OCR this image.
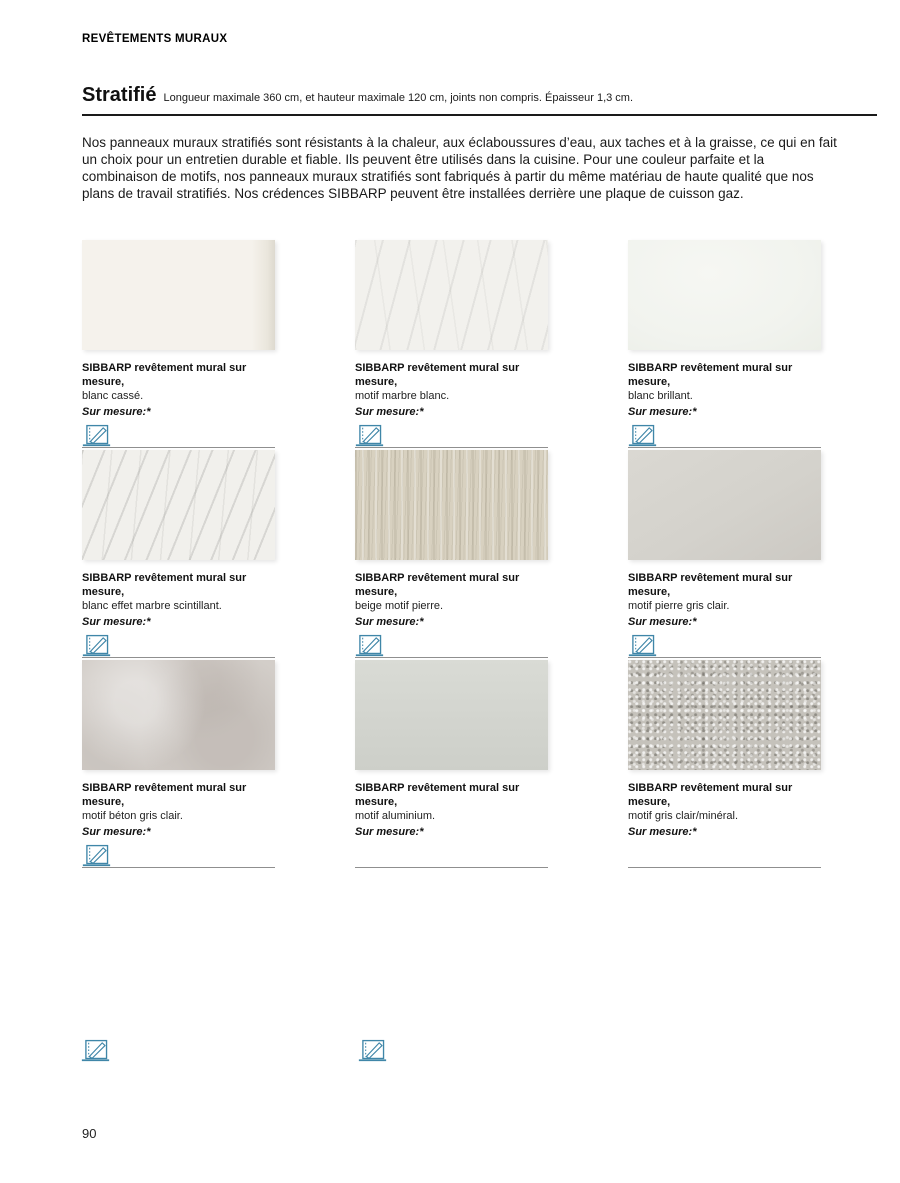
REVÊTEMENTS MURAUX
Stratifié Longueur maximale 360 cm, et hauteur maximale 120 cm, joints non compris. Épaisseur 1,3 cm.

Nos panneaux muraux stratifiés sont résistants à la chaleur, aux éclaboussures d’eau, aux taches et à la graisse, ce qui en fait un choix pour un entretien durable et fiable. Ils peuvent être utilisés dans la cuisine. Pour une couleur parfaite et la combinaison de motifs, nos panneaux muraux stratifiés sont fabriqués à partir du même matériau de haute qualité que nos plans de travail stratifiés. Nos crédences SIBBARP peuvent être installées derrière une plaque de cuisson gaz.

SIBBARP revêtement mural sur mesure,
blanc cassé.
Sur mesure:*
SIBBARP revêtement mural sur mesure,
motif marbre blanc.
Sur mesure:*
SIBBARP revêtement mural sur mesure,
blanc brillant.
Sur mesure:*
SIBBARP revêtement mural sur mesure,
blanc effet marbre scintillant.
Sur mesure:*
SIBBARP revêtement mural sur mesure,
beige motif pierre.
Sur mesure:*
SIBBARP revêtement mural sur mesure,
motif pierre gris clair.
Sur mesure:*
SIBBARP revêtement mural sur mesure,
motif béton gris clair.
Sur mesure:*
SIBBARP revêtement mural sur mesure,
motif aluminium.
Sur mesure:*
SIBBARP revêtement mural sur mesure,
motif gris clair/minéral.
Sur mesure:*
90
